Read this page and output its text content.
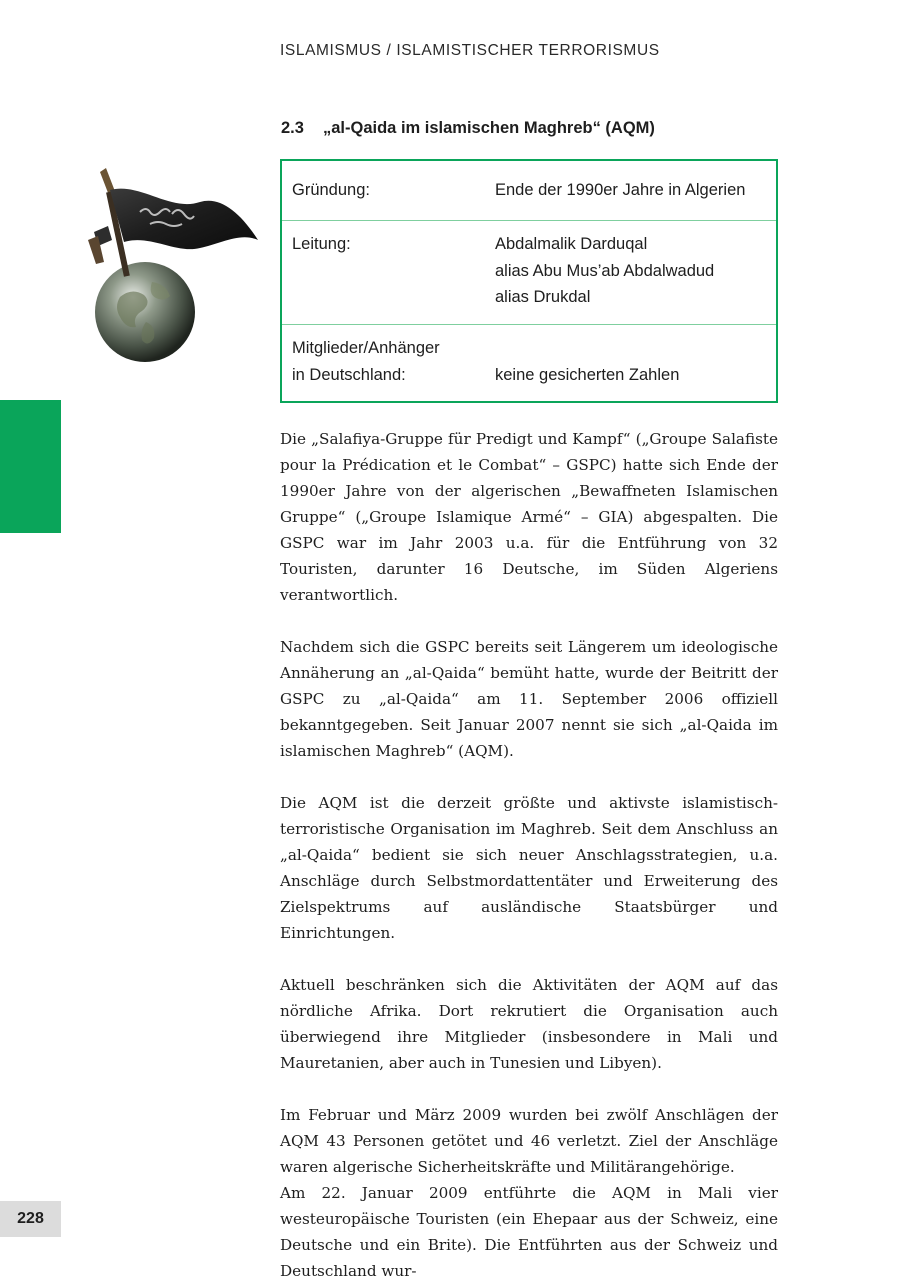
ISLAMISMUS / ISLAMISTISCHER TERRORISMUS
2.3 „al-Qaida im islamischen Maghreb“ (AQM)
Gründung:	Ende der 1990er Jahre in Algerien
Leitung:	Abdalmalik Darduqal
alias Abu Mus’ab Abdalwadud
alias Drukdal
Mitglieder/Anhänger
in Deutschland:	keine gesicherten Zahlen

Die „Salafiya-Gruppe für Predigt und Kampf“ („Groupe Salafiste pour la Prédication et le Combat“ – GSPC) hatte sich Ende der 1990er Jahre von der algerischen „Bewaffneten Islamischen Gruppe“ („Groupe Islamique Armé“ – GIA) abgespalten. Die GSPC war im Jahr 2003 u.a. für die Entführung von 32 Touristen, darunter 16 Deutsche, im Süden Algeriens verantwortlich.

Nachdem sich die GSPC bereits seit Längerem um ideologische Annäherung an „al-Qaida“ bemüht hatte, wurde der Beitritt der GSPC zu „al-Qaida“ am 11. September 2006 offiziell bekanntgegeben. Seit Januar 2007 nennt sie sich „al-Qaida im islamischen Maghreb“ (AQM).

Die AQM ist die derzeit größte und aktivste islamistisch-terroristische Organisation im Maghreb. Seit dem Anschluss an „al-Qaida“ bedient sie sich neuer Anschlagsstrategien, u.a. Anschläge durch Selbstmordattentäter und Erweiterung des Zielspektrums auf ausländische Staatsbürger und Einrichtungen.

Aktuell beschränken sich die Aktivitäten der AQM auf das nördliche Afrika. Dort rekrutiert die Organisation auch überwiegend ihre Mitglieder (insbesondere in Mali und Mauretanien, aber auch in Tunesien und Libyen).

Im Februar und März 2009 wurden bei zwölf Anschlägen der AQM 43 Personen getötet und 46 verletzt. Ziel der Anschläge waren algerische Sicherheitskräfte und Militärangehörige.

Am 22. Januar 2009 entführte die AQM in Mali vier westeuropäische Touristen (ein Ehepaar aus der Schweiz, eine Deutsche und ein Brite). Die Entführten aus der Schweiz und Deutschland wur-

228
